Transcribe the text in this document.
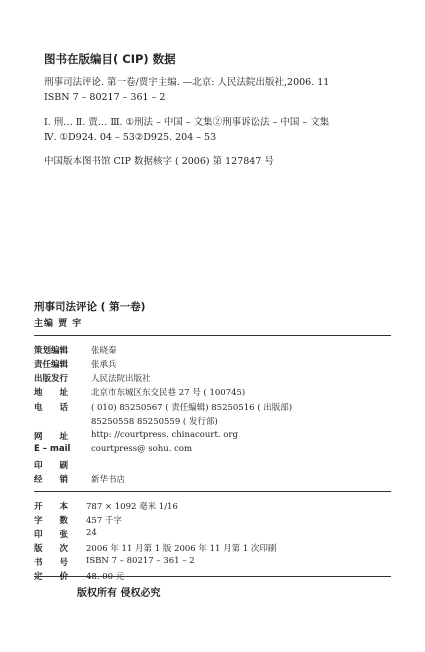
图书在版编目( CIP) 数据
刑事司法评论. 第一卷/贾宇主编. —北京: 人民法院出版社,2006. 11
ISBN 7 – 80217 – 361 – 2
Ⅰ. 刑… Ⅱ. 贾… Ⅲ. ①刑法 – 中国 – 文集②刑事诉讼法 – 中国 – 文集
Ⅳ. ①D924. 04 – 53②D925. 204 – 53
中国版本图书馆 CIP 数据核字 ( 2006) 第 127847 号
刑事司法评论 ( 第一卷)
主编 贾 宇
策划编辑	张晓秦
责任编辑	张承兵
出版发行	人民法院出版社
地　　址	北京市东城区东交民巷 27 号 ( 100745)
电　　话	( 010) 85250567 ( 责任编辑) 85250516 ( 出版部)
85250558 85250559 ( 发行部)
网　　址	http: //courtpress. chinacourt. org
E – mail	courtpress@ sohu. com
印　　刷
经　　销	新华书店
开　　本	787 × 1092 毫米 1/16
字　　数	457 千字
印　　张	24
版　　次	2006 年 11 月第 1 版 2006 年 11 月第 1 次印刷
书　　号	ISBN 7 – 80217 – 361 – 2
定　　价	48. 00 元
版权所有 侵权必究
